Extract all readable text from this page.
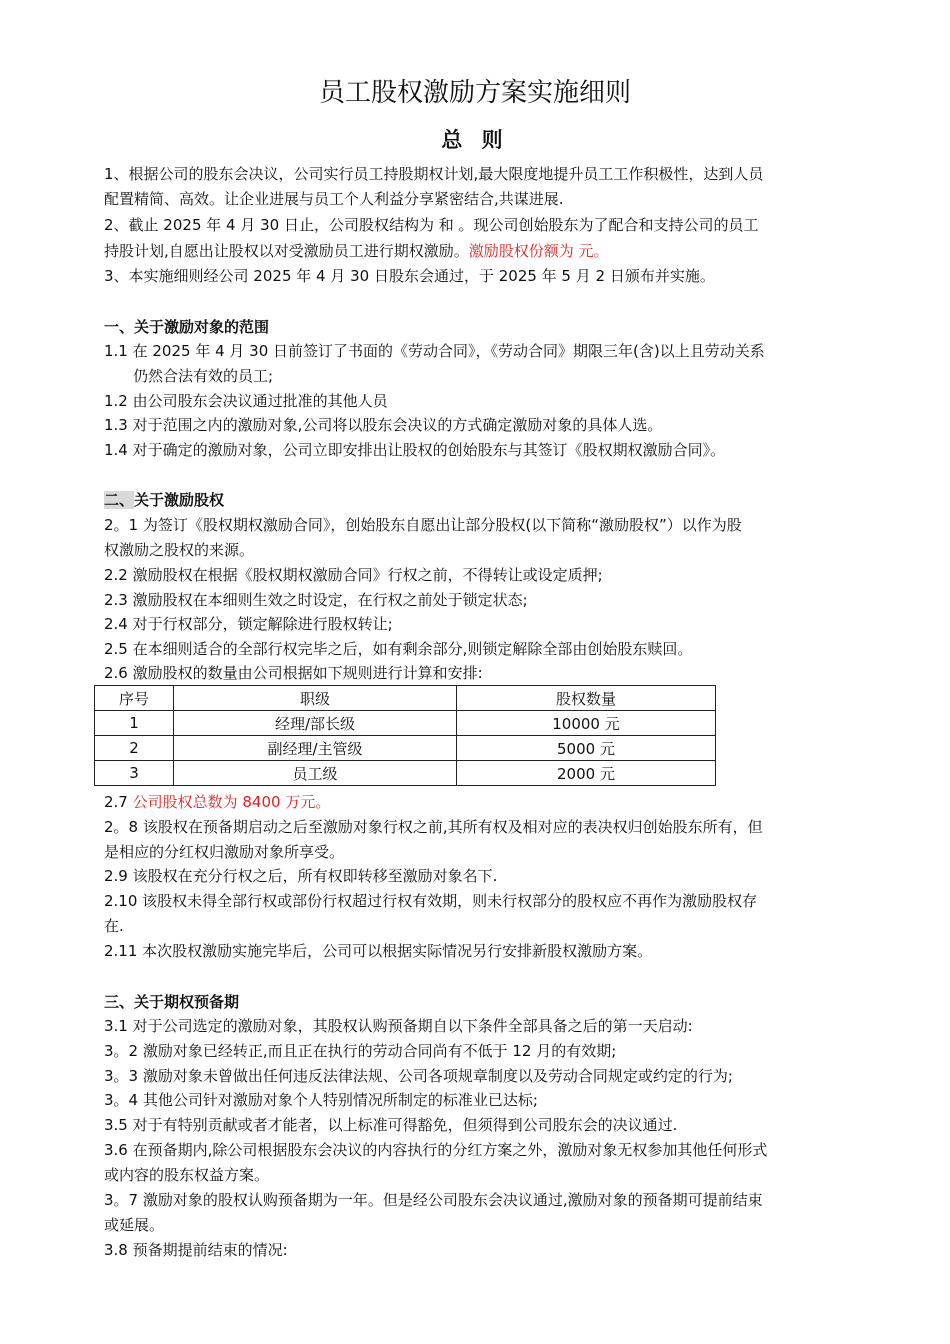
员工股权激励方案实施细则
总 则
1、根据公司的股东会决议，公司实行员工持股期权计划,最大限度地提升员工工作积极性，达到人员
配置精简、高效。让企业进展与员工个人利益分享紧密结合,共谋进展.
2、截止 2025 年 4 月 30 日止，公司股权结构为 和 。现公司创始股东为了配合和支持公司的员工
持股计划,自愿出让股权以对受激励员工进行期权激励。激励股权份额为 元。
3、本实施细则经公司 2025 年 4 月 30 日股东会通过，于 2025 年 5 月 2 日颁布并实施。
一、关于激励对象的范围
1.1 在 2025 年 4 月 30 日前签订了书面的《劳动合同》，《劳动合同》期限三年(含)以上且劳动关系
仍然合法有效的员工;
1.2 由公司股东会决议通过批准的其他人员
1.3 对于范围之内的激励对象,公司将以股东会决议的方式确定激励对象的具体人选。
1.4 对于确定的激励对象，公司立即安排出让股权的创始股东与其签订《股权期权激励合同》。
二、关于激励股权
2。1 为签订《股权期权激励合同》，创始股东自愿出让部分股权(以下简称“激励股权”）以作为股
权激励之股权的来源。
2.2 激励股权在根据《股权期权激励合同》行权之前，不得转让或设定质押;
2.3 激励股权在本细则生效之时设定，在行权之前处于锁定状态;
2.4 对于行权部分，锁定解除进行股权转让;
2.5 在本细则适合的全部行权完毕之后，如有剩余部分,则锁定解除全部由创始股东赎回。
2.6 激励股权的数量由公司根据如下规则进行计算和安排:
序号	职级	股权数量
1	经理/部长级	10000 元
2	副经理/主管级	5000 元
3	员工级	2000 元
2.7 公司股权总数为 8400 万元。
2。8 该股权在预备期启动之后至激励对象行权之前,其所有权及相对应的表决权归创始股东所有，但
是相应的分红权归激励对象所享受。
2.9 该股权在充分行权之后，所有权即转移至激励对象名下.
2.10 该股权未得全部行权或部份行权超过行权有效期，则未行权部分的股权应不再作为激励股权存
在.
2.11 本次股权激励实施完毕后，公司可以根据实际情况另行安排新股权激励方案。
三、关于期权预备期
3.1 对于公司选定的激励对象，其股权认购预备期自以下条件全部具备之后的第一天启动:
3。2 激励对象已经转正,而且正在执行的劳动合同尚有不低于 12 月的有效期;
3。3 激励对象未曾做出任何违反法律法规、公司各项规章制度以及劳动合同规定或约定的行为;
3。4 其他公司针对激励对象个人特别情况所制定的标准业已达标;
3.5 对于有特别贡献或者才能者，以上标准可得豁免，但须得到公司股东会的决议通过.
3.6 在预备期内,除公司根据股东会决议的内容执行的分红方案之外，激励对象无权参加其他任何形式
或内容的股东权益方案。
3。7 激励对象的股权认购预备期为一年。但是经公司股东会决议通过,激励对象的预备期可提前结束
或延展。
3.8 预备期提前结束的情况:
